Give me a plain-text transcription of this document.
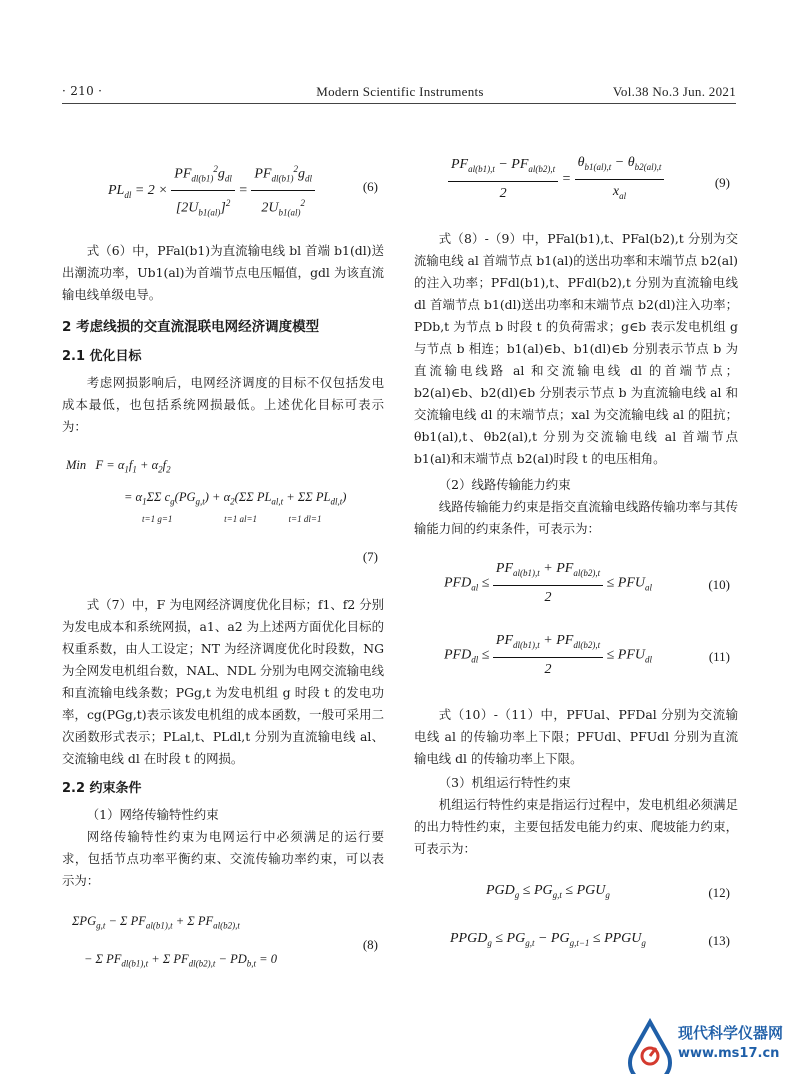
· 210 ·	Modern Scientific Instruments	Vol.38 No.3 Jun. 2021
$PL_{dl} = 2 \times \frac{PF_{dl(b1)}^2g_{dl}}{[2U_{b1(al)}]^2} = \frac{PF_{dl(b1)}^2g_{dl}}{2U_{b1(al)}^2}$	(6)

式（6）中，PFal(b1)为直流输电线 bl 首端 b1(dl)送出潮流功率，Ub1(al)为首端节点电压幅值，gdl 为该直流输电线单级电导。

2 考虑线损的交直流混联电网经济调度模型

2.1 优化目标

考虑网损影响后，电网经济调度的目标不仅包括发电成本最低，也包括系统网损最低。上述优化目标可表示为：

Min   $F = \alpha_1f_1 + \alpha_2f_2$
= $\alpha_1\Sigma\Sigma$ $c_g(PG_{g,t}) + \alpha_2(\Sigma\Sigma$ $PL_{al,t} + \Sigma\Sigma$ $PL_{dl,t}$)
t=1 g=1                       t=1 al=1              t=1 dl=1
(7)

式（7）中，F 为电网经济调度优化目标；f1、f2 分别为发电成本和系统网损，a1、a2 为上述两方面优化目标的权重系数，由人工设定；NT 为经济调度优化时段数，NG 为全网发电机组台数，NAL、NDL 分别为电网交流输电线和直流输电线条数；PGg,t 为发电机组 g 时段 t 的发电功率，cg(PGg,t)表示该发电机组的成本函数，一般可采用二次函数形式表示；PLal,t、PLdl,t 分别为直流输电线 al、交流输电线 dl 在时段 t 的网损。

2.2 约束条件

（1）网络传输特性约束

网络传输特性约束为电网运行中必须满足的运行要求，包括节点功率平衡约束、交流传输功率约束，可以表示为：

$\Sigma PG_{g,t} - \Sigma$ $PF_{al(b1),t} + \Sigma$ $PF_{al(b2),t}$
− Σ $PF_{dl(b1),t} + \Sigma$ $PF_{dl(b2),t} - PD_{b,t} = 0$
(8)
$\frac{PF_{al(b1),t} - PF_{al(b2),t}}{2} = \frac{\theta_{b1(al),t} - \theta_{b2(al),t}}{x_{al}}$	(9)

式（8）-（9）中，PFal(b1),t、PFal(b2),t 分别为交流输电线 al 首端节点 b1(al)的送出功率和末端节点 b2(al)的注入功率；PFdl(b1),t、PFdl(b2),t 分别为直流输电线 dl 首端节点 b1(dl)送出功率和末端节点 b2(dl)注入功率；PDb,t 为节点 b 时段 t 的负荷需求；g∈b 表示发电机组 g 与节点 b 相连；b1(al)∈b、b1(dl)∈b 分别表示节点 b 为直流输电线路 al 和交流输电线 dl 的首端节点；b2(al)∈b、b2(dl)∈b 分别表示节点 b 为直流输电线 al 和交流输电线 dl 的末端节点；xal 为交流输电线 al 的阻抗；θb1(al),t、θb2(al),t 分别为交流输电线 al 首端节点 b1(al)和末端节点 b2(al)时段 t 的电压相角。

（2）线路传输能力约束

线路传输能力约束是指交直流输电线路传输功率与其传输能力间的约束条件，可表示为：

$PFD_{al} \le \frac{PF_{al(b1),t} + PF_{al(b2),t}}{2} \le PFU_{al}$	(10)
$PFD_{dl} \le \frac{PF_{dl(b1),t} + PF_{dl(b2),t}}{2} \le PFU_{dl}$	(11)

式（10）-（11）中，PFUal、PFDal 分别为交流输电线 al 的传输功率上下限；PFUdl、PFUdl 分别为直流输电线 dl 的传输功率上下限。

（3）机组运行特性约束

机组运行特性约束是指运行过程中，发电机组必须满足的出力特性约束，主要包括发电能力约束、爬坡能力约束，可表示为：

$PGD_g \le PG_{g,t} \le PGU_g$	(12)
$PPGD_g \le PG_{g,t} - PG_{g,t-1}$ ≤ $PPGU_g$	(13)
现代科学仪器网
www.ms17.cn
